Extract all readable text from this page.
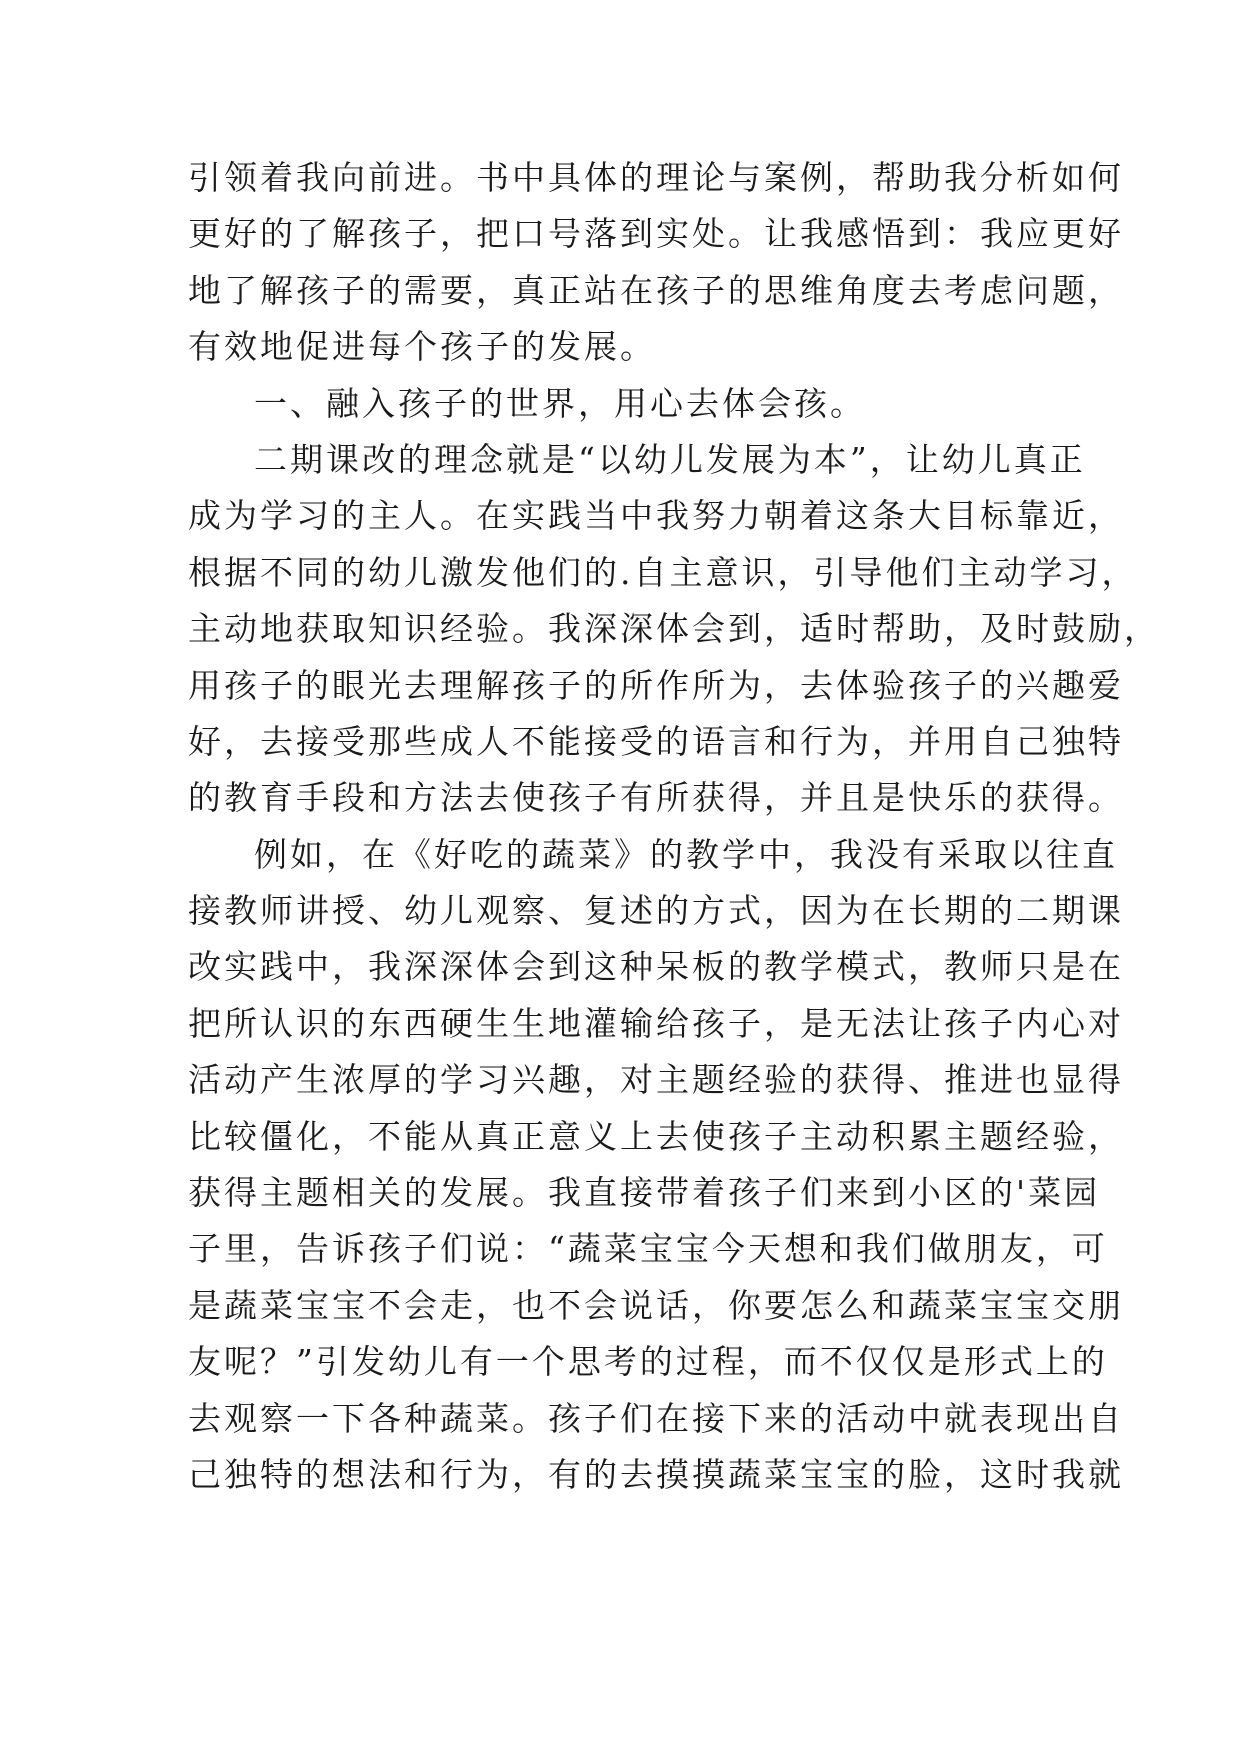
引领着我向前进。书中具体的理论与案例，帮助我分析如何
更好的了解孩子，把口号落到实处。让我感悟到：我应更好
地了解孩子的需要，真正站在孩子的思维角度去考虑问题，
有效地促进每个孩子的发展。
一、融入孩子的世界，用心去体会孩。
二期课改的理念就是“以幼儿发展为本”，让幼儿真正
成为学习的主人。在实践当中我努力朝着这条大目标靠近，
根据不同的幼儿激发他们的.自主意识，引导他们主动学习，
主动地获取知识经验。我深深体会到，适时帮助，及时鼓励，
用孩子的眼光去理解孩子的所作所为，去体验孩子的兴趣爱
好，去接受那些成人不能接受的语言和行为，并用自己独特
的教育手段和方法去使孩子有所获得，并且是快乐的获得。
例如，在《好吃的蔬菜》的教学中，我没有采取以往直
接教师讲授、幼儿观察、复述的方式，因为在长期的二期课
改实践中，我深深体会到这种呆板的教学模式，教师只是在
把所认识的东西硬生生地灌输给孩子，是无法让孩子内心对
活动产生浓厚的学习兴趣，对主题经验的获得、推进也显得
比较僵化，不能从真正意义上去使孩子主动积累主题经验，
获得主题相关的发展。我直接带着孩子们来到小区的'菜园
子里，告诉孩子们说：“蔬菜宝宝今天想和我们做朋友，可
是蔬菜宝宝不会走，也不会说话，你要怎么和蔬菜宝宝交朋
友呢？”引发幼儿有一个思考的过程，而不仅仅是形式上的
去观察一下各种蔬菜。孩子们在接下来的活动中就表现出自
己独特的想法和行为，有的去摸摸蔬菜宝宝的脸，这时我就
